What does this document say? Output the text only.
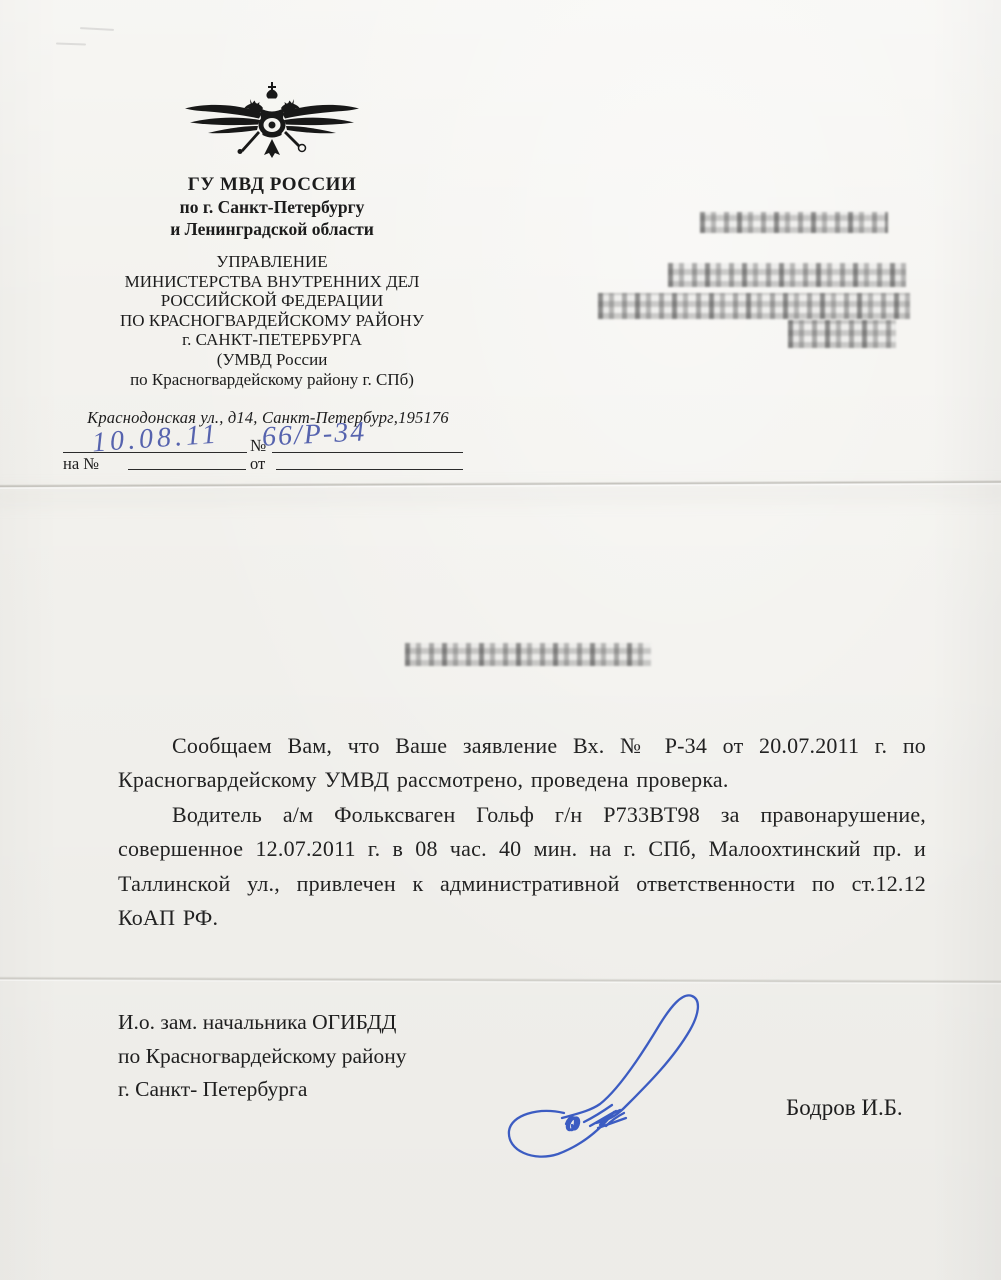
ГУ МВД РОССИИ
по г. Санкт-Петербургу
и Ленинградской области
УПРАВЛЕНИЕ
МИНИСТЕРСТВА ВНУТРЕННИХ ДЕЛ
РОССИЙСКОЙ ФЕДЕРАЦИИ
ПО КРАСНОГВАРДЕЙСКОМУ РАЙОНУ
г. САНКТ-ПЕТЕРБУРГА
(УМВД России
по Красногвардейскому району г. СПб)
Краснодонская ул., д14, Санкт-Петербург,195176
№
10.08.11 66/Р-34
на №	от

Сообщаем Вам, что Ваше заявление Вх. № Р-34 от 20.07.2011 г. по Красногвардейскому УМВД рассмотрено, проведена проверка.

Водитель а/м Фольксваген Гольф г/н Р733ВТ98 за правонарушение, совершенное 12.07.2011 г. в 08 час. 40 мин. на г. СПб, Малоохтинский пр. и Таллинской ул., привлечен к административной ответственности по ст.12.12 КоАП РФ.

И.о. зам. начальника ОГИБДД
по Красногвардейскому району
г. Санкт- Петербурга
Бодров И.Б.
